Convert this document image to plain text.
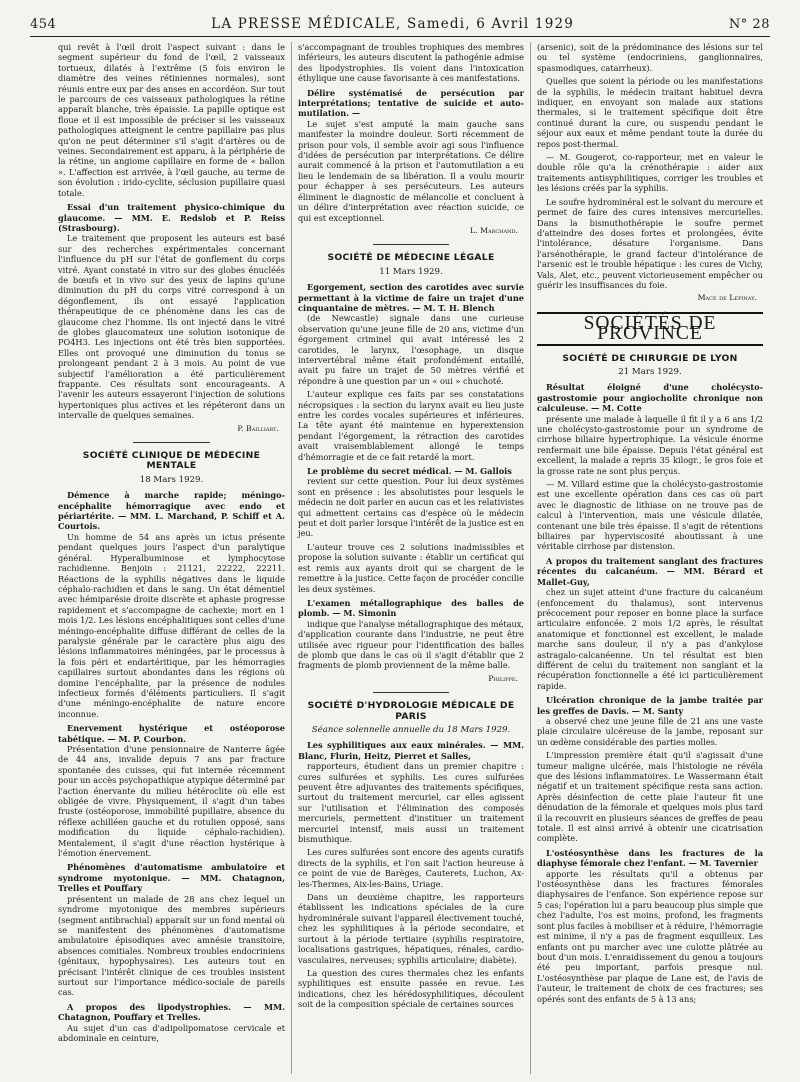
454	LA PRESSE MÉDICALE, Samedi, 6 Avril 1929	N° 28

qui revêt à l'œil droit l'aspect suivant : dans le segment supérieur du fond de l'œil, 2 vaisseaux tortueux, dilatés à l'extrême (5 fois environ le diamètre des veines rétiniennes normales), sont réunis entre eux par des anses en accordéon. Sur tout le parcours de ces vaisseaux pathologiques la rétine apparaît blanche, très épaissie. La papille optique est floue et il est impossible de préciser si les vaisseaux pathologiques atteignent le centre papillaire pas plus qu'on ne peut déterminer s'il s'agit d'artères ou de veines. Secondairement est apparu, à la périphérie de la rétine, un angiome capillaire en forme de « ballon ». L'affection est arrivée, à l'œil gauche, au terme de son évolution : irido-cyclite, séclusion pupillaire quasi totale.

Essai d'un traitement physico-chimique du glaucome. — MM. E. Redslob et P. Reiss (Strasbourg).

Le traitement que proposent les auteurs est basé sur des recherches expérimentales concernant l'influence du pH sur l'état de gonflement du corps vitré. Ayant constaté in vitro sur des globes énucléés de bœufs et in vivo sur des yeux de lapins qu'une diminution du pH du corps vitré correspond à un dégonflement, ils ont essayé l'application thérapeutique de ce phénomène dans les cas de glaucome chez l'homme. Ils ont injecté dans le vitré de globes glaucomateux une solution isotonique de PO4H3. Les injections ont été très bien supportées. Elles ont provoqué une diminution du tonus se prolongeant pendant 2 à 3 mois. Au point de vue subjectif l'amélioration a été particulièrement frappante. Ces résultats sont encourageants. A l'avenir les auteurs essayeront l'injection de solutions hypertoniques plus actives et les répéteront dans un intervalle de quelques semaines.

P. Bailliart.
SOCIÉTÉ CLINIQUE DE MÉDECINE MENTALE
18 Mars 1929.
Démence à marche rapide; méningo-encéphalite hémorragique avec endo et périartérite. — MM. L. Marchand, P. Schiff et A. Courtois.

Un homme de 54 ans après un ictus présente pendant quelques jours l'aspect d'un paralytique général. Hyperalbuminose et lymphocytose rachidienne. Benjoin : 21121, 22222, 22211. Réactions de la syphilis négatives dans le liquide céphalo-rachidien et dans le sang. Un état démentiel avec hémiparésie droite discrète et aphasie progresse rapidement et s'accompagne de cachexie; mort en 1 mois 1/2. Les lésions encéphalitiques sont celles d'une méningo-encéphalite diffuse différant de celles de la paralysie générale par le caractère plus aigu des lésions inflammatoires méningées, par le processus à la fois péri et endartéritique, par les hémorragies capillaires surtout abondantes dans les régions où domine l'encéphalite, par la présence de nodules infectieux formés d'éléments particuliers. Il s'agit d'une méningo-encéphalite de nature encore inconnue.

Enervement hystérique et ostéoporose tabétique. — M. P. Courbon.

Présentation d'une pensionnaire de Nanterre âgée de 44 ans, invalide depuis 7 ans par fracture spontanée des cuisses, qui fut internée récemment pour un accès psychopathique atypique déterminé par l'action énervante du milieu hétéroclite où elle est obligée de vivre. Physiquement, il s'agit d'un tabes fruste (ostéoporose, immobilité pupillaire, absence du réflexe achilléen gauche et du rotulien opposé, sans modification du liquide céphalo-rachidien). Mentalement, il s'agit d'une réaction hystérique à l'émotion énervement.

Phénomènes d'automatisme ambulatoire et syndrome myotonique. — MM. Chatagnon, Trelles et Pouffary

présentent un malade de 28 ans chez lequel un syndrome myotonique des membres supérieurs (segment antibrachial) apparaît sur un fond mental où se manifestent des phénomènes d'automatisme ambulatoire épisodiques avec amnésie transitoire, absences comitiales. Nombreux troubles endocriniens (génitaux, hypophysaires). Les auteurs tout en précisant l'intérêt clinique de ces troubles insistent surtout sur l'importance médico-sociale de pareils cas.

A propos des lipodystrophies. — MM. Chatagnon, Pouffary et Trelles.

Au sujet d'un cas d'adipolipomatose cervicale et abdominale en ceinture,

s'accompagnant de troubles trophiques des membres inférieurs, les auteurs discutent la pathogénie admise des lipodystrophies. Ils voient dans l'intoxication éthylique une cause favorisante à ces manifestations.

Délire systématisé de persécution par interprétations; tentative de suicide et auto-mutilation. —

Le sujet s'est amputé la main gauche sans manifester la moindre douleur. Sorti récemment de prison pour vols, il semble avoir agi sous l'influence d'idées de persécution par interprétations. Ce délire aurait commencé à la prison et l'automutilation a eu lieu le lendemain de sa libération. Il a voulu mourir pour échapper à ses persécuteurs. Les auteurs éliminent le diagnostic de mélancolie et concluent à un délire d'interprétation avec réaction suicide, ce qui est exceptionnel.

L. Marchand.
SOCIÉTÉ DE MÉDECINE LÉGALE
11 Mars 1929.
Egorgement, section des carotides avec survie permettant à la victime de faire un trajet d'une cinquantaine de mètres. — M. T. H. Blench

(de Newcastle) signale dans une curieuse observation qu'une jeune fille de 20 ans, victime d'un égorgement criminel qui avait intéressé les 2 carotides, le larynx, l'œsophage, un disque intervertébral même était profondément entaillé, avait pu faire un trajet de 50 mètres vérifié et répondre à une question par un « oui » chuchoté.

L'auteur explique ces faits par ses constatations nécropsiques : la section du larynx avait eu lieu juste entre les cordes vocales supérieures et inférieures. La tête ayant été maintenue en hyperextension pendant l'égorgement, la rétraction des carotides avait vraisemblablement allongé le temps d'hémorragie et de ce fait retardé la mort.

Le problème du secret médical. — M. Gallois

revient sur cette question. Pour lui deux systèmes sont en présence : les absolutistes pour lesquels le médecin ne doit parler en aucun cas et les relativistes qui admettent certains cas d'espèce où le médecin peut et doit parler lorsque l'intérêt de la justice est en jeu.

L'auteur trouve ces 2 solutions inadmissibles et propose la solution suivante : établir un certificat qui est remis aux ayants droit qui se chargent de le remettre à la justice. Cette façon de procéder concilie les deux systèmes.

L'examen métallographique des balles de plomb. — M. Simonin

indique que l'analyse métallographique des métaux, d'application courante dans l'industrie, ne peut être utilisée avec rigueur pour l'identification des balles de plomb que dans le cas où il s'agit d'établir que 2 fragments de plomb proviennent de la même balle.

Philippe.
SOCIÉTÉ D'HYDROLOGIE MÉDICALE DE PARIS
Séance solennelle annuelle du 18 Mars 1929.
Les syphilitiques aux eaux minérales. — MM. Blanc, Flurin, Heitz, Pierret et Salles,

rapporteurs, étudient dans un premier chapitre : cures sulfurées et syphilis. Les cures sulfurées peuvent être adjuvantes des traitements spécifiques, surtout du traitement mercuriel, car elles agissent sur l'utilisation et l'élimination des composés mercuriels, permettent d'instituer un traitement mercuriel intensif, mais aussi un traitement bismuthique.

Les cures sulfurées sont encore des agents curatifs directs de la syphilis, et l'on sait l'action heureuse à ce point de vue de Barèges, Cauterets, Luchon, Ax-les-Thermes, Aix-les-Bains, Uriage.

Dans un deuxième chapitre, les rapporteurs établissent les indications spéciales de la cure hydrominérale suivant l'appareil électivement touché, chez les syphilitiques à la période secondaire, et surtout à la période tertiaire (syphilis respiratoire, localisations gastriques, hépatiques, rénales, cardio-vasculaires, nerveuses; syphilis articulaire; diabète).

La question des cures thermales chez les enfants syphilitiques est ensuite passée en revue. Les indications, chez les hérédosyphilitiques, découlent soit de la composition spéciale de certaines sources

(arsenic), soit de la prédominance des lésions sur tel ou tel système (endocriniens, ganglionnaires, spasmodiques, catarrheux).

Quelles que soient la période ou les manifestations de la syphilis, le médecin traitant habituel devra indiquer, en envoyant son malade aux stations thermales, si le traitement spécifique doit être continué durant la cure, ou suspendu pendant le séjour aux eaux et même pendant toute la durée du repos post-thermal.

— M. Gougerot, co-rapporteur, met en valeur le double rôle qu'a la crénothérapie : aider aux traitements antisyphilitiques, corriger les troubles et les lésions créés par la syphilis.

Le soufre hydrominéral est le solvant du mercure et permet de faire des cures intensives mercurielles. Dans la bismuthothérapie le soufre permet d'atteindre des doses fortes et prolongées, évite l'intolérance, désature l'organisme. Dans l'arsénothérapie, le grand facteur d'intolérance de l'arsenic est le trouble hépatique : les cures de Vichy, Vals, Alet, etc., peuvent victorieusement empêcher ou guérir les insuffisances du foie.

Macé de Lépinay.
SOCIÉTÉS DE PROVINCE
SOCIÉTÉ DE CHIRURGIE DE LYON
21 Mars 1929.
Résultat éloigné d'une cholécysto-gastrostomie pour angiocholite chronique non calculeuse. — M. Cotte

présente une malade à laquelle il fit il y a 6 ans 1/2 une cholécysto-gastrostomie pour un syndrome de cirrhose biliaire hypertrophique. La vésicule énorme renfermait une bile épaisse. Depuis l'état général est excellent, la malade a repris 35 kilogr., le gros foie et la grosse rate ne sont plus perçus.

— M. Villard estime que la cholécysto-gastrostomie est une excellente opération dans ces cas où part avec le diagnostic de lithiase on ne trouve pas de calcul à l'intervention, mais une vésicule dilatée, contenant une bile très épaisse. Il s'agit de rétentions biliaires par hyperviscosité aboutissant à une véritable cirrhose par distension.

A propos du traitement sanglant des fractures récentes du calcanéum. — MM. Bérard et Mallet-Guy,

chez un sujet atteint d'une fracture du calcanéum (enfoncement du thalamus), sont intervenus précocement pour reposer en bonne place la surface articulaire enfoncée. 2 mois 1/2 après, le résultat anatomique et fonctionnel est excellent, le malade marche sans douleur, il n'y a pas d'ankylose astragalo-calcanéenne. Un tel résultat est bien différent de celui du traitement non sanglant et la récupération fonctionnelle a été ici particulièrement rapide.

Ulcération chronique de la jambe traitée par les greffes de Davis. — M. Santy

a observé chez une jeune fille de 21 ans une vaste plaie circulaire ulcéreuse de la jambe, reposant sur un œdème considérable des parties molles.

L'impression première était qu'il s'agissait d'une tumeur maligne ulcérée, mais l'histologie ne révéla que des lésions inflammatoires. Le Wassermann était négatif et un traitement spécifique resta sans action. Après désinfection de cette plaie l'auteur fit une dénudation de la fémorale et quelques mois plus tard il la recouvrit en plusieurs séances de greffes de peau totale. Il est ainsi arrivé à obtenir une cicatrisation complète.

L'ostéosynthèse dans les fractures de la diaphyse fémorale chez l'enfant. — M. Tavernier

apporte les résultats qu'il a obtenus par l'ostéosynthèse dans les fractures fémorales diaphysaires de l'enfance. Son expérience repose sur 5 cas; l'opération lui a paru beaucoup plus simple que chez l'adulte, l'os est moins, profond, les fragments sont plus faciles à mobiliser et à réduire, l'hémorragie est minime, il n'y a pas de fragment esquilleux. Les enfants ont pu marcher avec une culotte plâtrée au bout d'un mois. L'enraidissement du genou a toujours été peu important, parfois presque nul. L'ostéosynthèse par plaque de Lane est, de l'avis de l'auteur, le traitement de choix de ces fractures; ses opérés sont des enfants de 5 à 13 ans;
